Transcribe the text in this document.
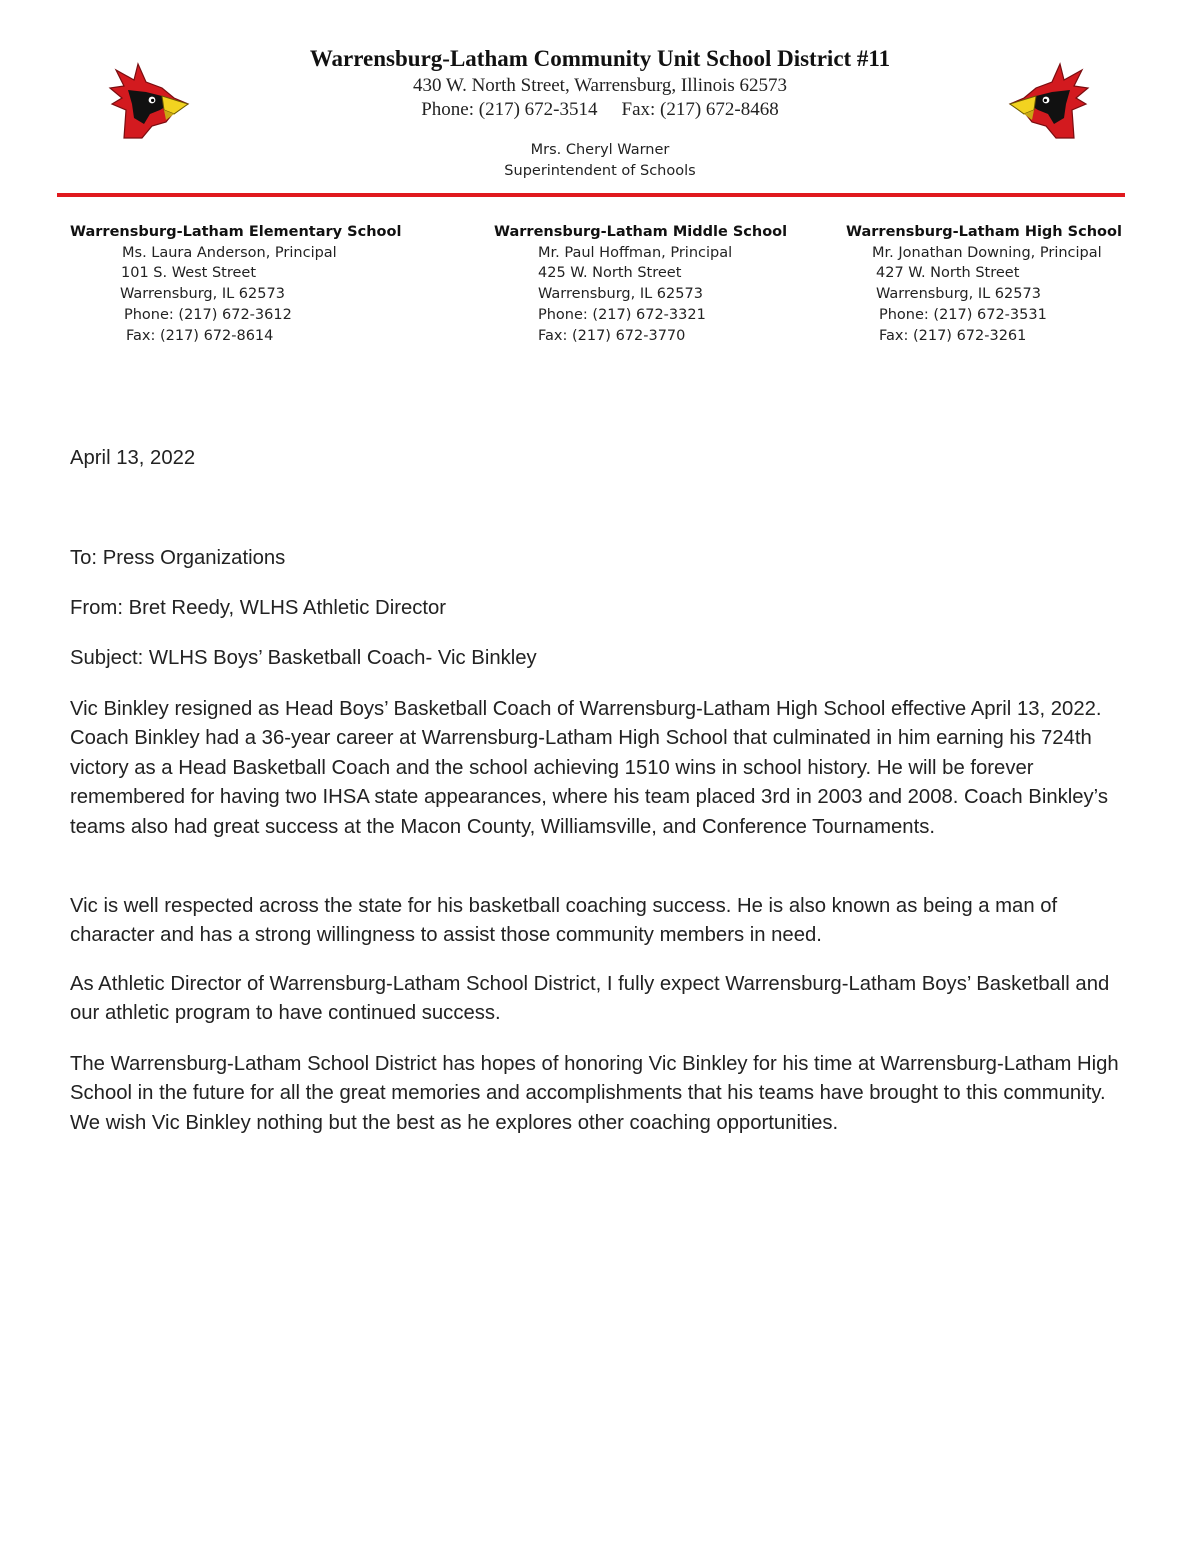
Warrensburg-Latham Community Unit School District #11
430 W. North Street, Warrensburg, Illinois 62573
Phone: (217) 672-3514 Fax: (217) 672-8468
Mrs. Cheryl Warner
Superintendent of Schools
Warrensburg-Latham Elementary School
Ms. Laura Anderson, Principal
101 S. West Street
Warrensburg, IL 62573
Phone: (217) 672-3612
Fax: (217) 672-8614
Warrensburg-Latham Middle School
Mr. Paul Hoffman, Principal
425 W. North Street
Warrensburg, IL 62573
Phone: (217) 672-3321
Fax: (217) 672-3770
Warrensburg-Latham High School
Mr. Jonathan Downing, Principal
427 W. North Street
Warrensburg, IL 62573
Phone: (217) 672-3531
Fax: (217) 672-3261
April 13, 2022
To: Press Organizations
From: Bret Reedy, WLHS Athletic Director
Subject: WLHS Boys’ Basketball Coach- Vic Binkley
Vic Binkley resigned as Head Boys’ Basketball Coach of Warrensburg-Latham High School effective April 13, 2022. Coach Binkley had a 36-year career at Warrensburg-Latham High School that culminated in him earning his 724th victory as a Head Basketball Coach and the school achieving 1510 wins in school history. He will be forever remembered for having two IHSA state appearances, where his team placed 3rd in 2003 and 2008. Coach Binkley’s teams also had great success at the Macon County, Williamsville, and Conference Tournaments.
Vic is well respected across the state for his basketball coaching success. He is also known as being a man of character and has a strong willingness to assist those community members in need.
As Athletic Director of Warrensburg-Latham School District, I fully expect Warrensburg-Latham Boys’ Basketball and our athletic program to have continued success.
The Warrensburg-Latham School District has hopes of honoring Vic Binkley for his time at Warrensburg-Latham High School in the future for all the great memories and accomplishments that his teams have brought to this community. We wish Vic Binkley nothing but the best as he explores other coaching opportunities.
